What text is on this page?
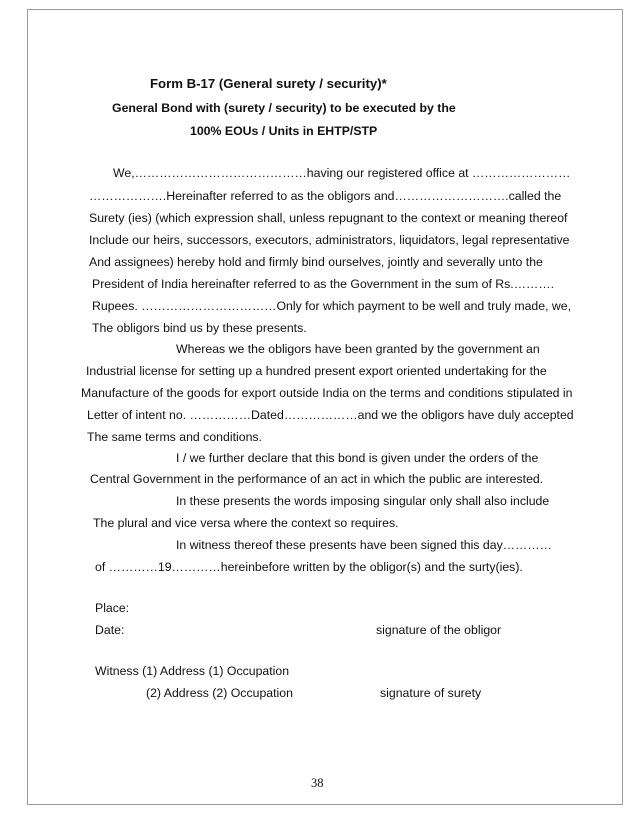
Form B-17 (General surety / security)*
General Bond with (surety / security) to be executed by the
100% EOUs / Units in EHTP/STP
We,……………………………………having our registered office at ……………………
……………….Hereinafter referred to as the obligors and……………………….called the
Surety (ies) (which expression shall, unless repugnant to the context or meaning thereof
Include our heirs, successors, executors, administrators, liquidators, legal representative
And assignees) hereby hold and firmly bind ourselves, jointly and severally unto the
President of India hereinafter referred to as the Government in the sum of Rs.……….
Rupees. ……………………………Only for which payment to be well and truly made, we,
The obligors bind us by these presents.
Whereas we the obligors have been granted by the government an
Industrial license for setting up a hundred present export oriented undertaking for the
Manufacture of the goods for export outside India on the terms and conditions stipulated in
Letter of intent no. ……………Dated………………and we the obligors have duly accepted
The same terms and conditions.
I / we further declare that this bond is given under the orders of the
Central Government in the performance of an act in which the public are interested.
In these presents the words imposing singular only shall also include
The plural and vice versa where the context so requires.
In witness thereof these presents have been signed this day…………
of …………19…………hereinbefore written by the obligor(s) and the surty(ies).
Place:
Date:	signature of the obligor
Witness (1) Address (1) Occupation
(2) Address (2) Occupation	signature of surety
38
